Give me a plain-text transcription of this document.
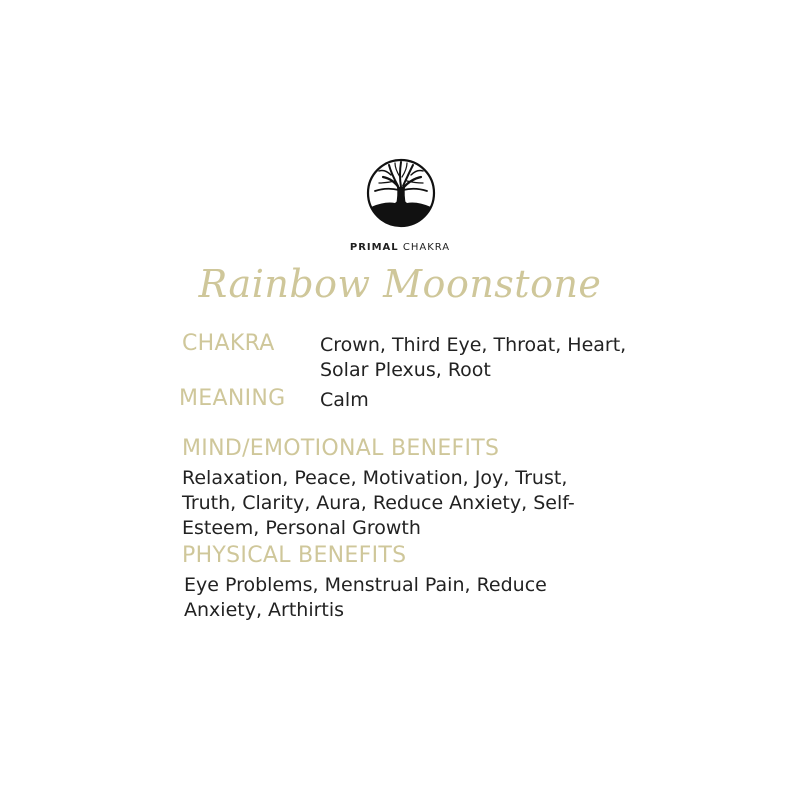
PRIMAL CHAKRA
Rainbow Moonstone
CHAKRA Crown, Third Eye, Throat, Heart, Solar Plexus, Root
MEANING Calm
MIND/EMOTIONAL BENEFITS
Relaxation, Peace, Motivation, Joy, Trust, Truth, Clarity, Aura, Reduce Anxiety, Self-Esteem, Personal Growth
PHYSICAL BENEFITS
Eye Problems, Menstrual Pain, Reduce Anxiety, Arthirtis
